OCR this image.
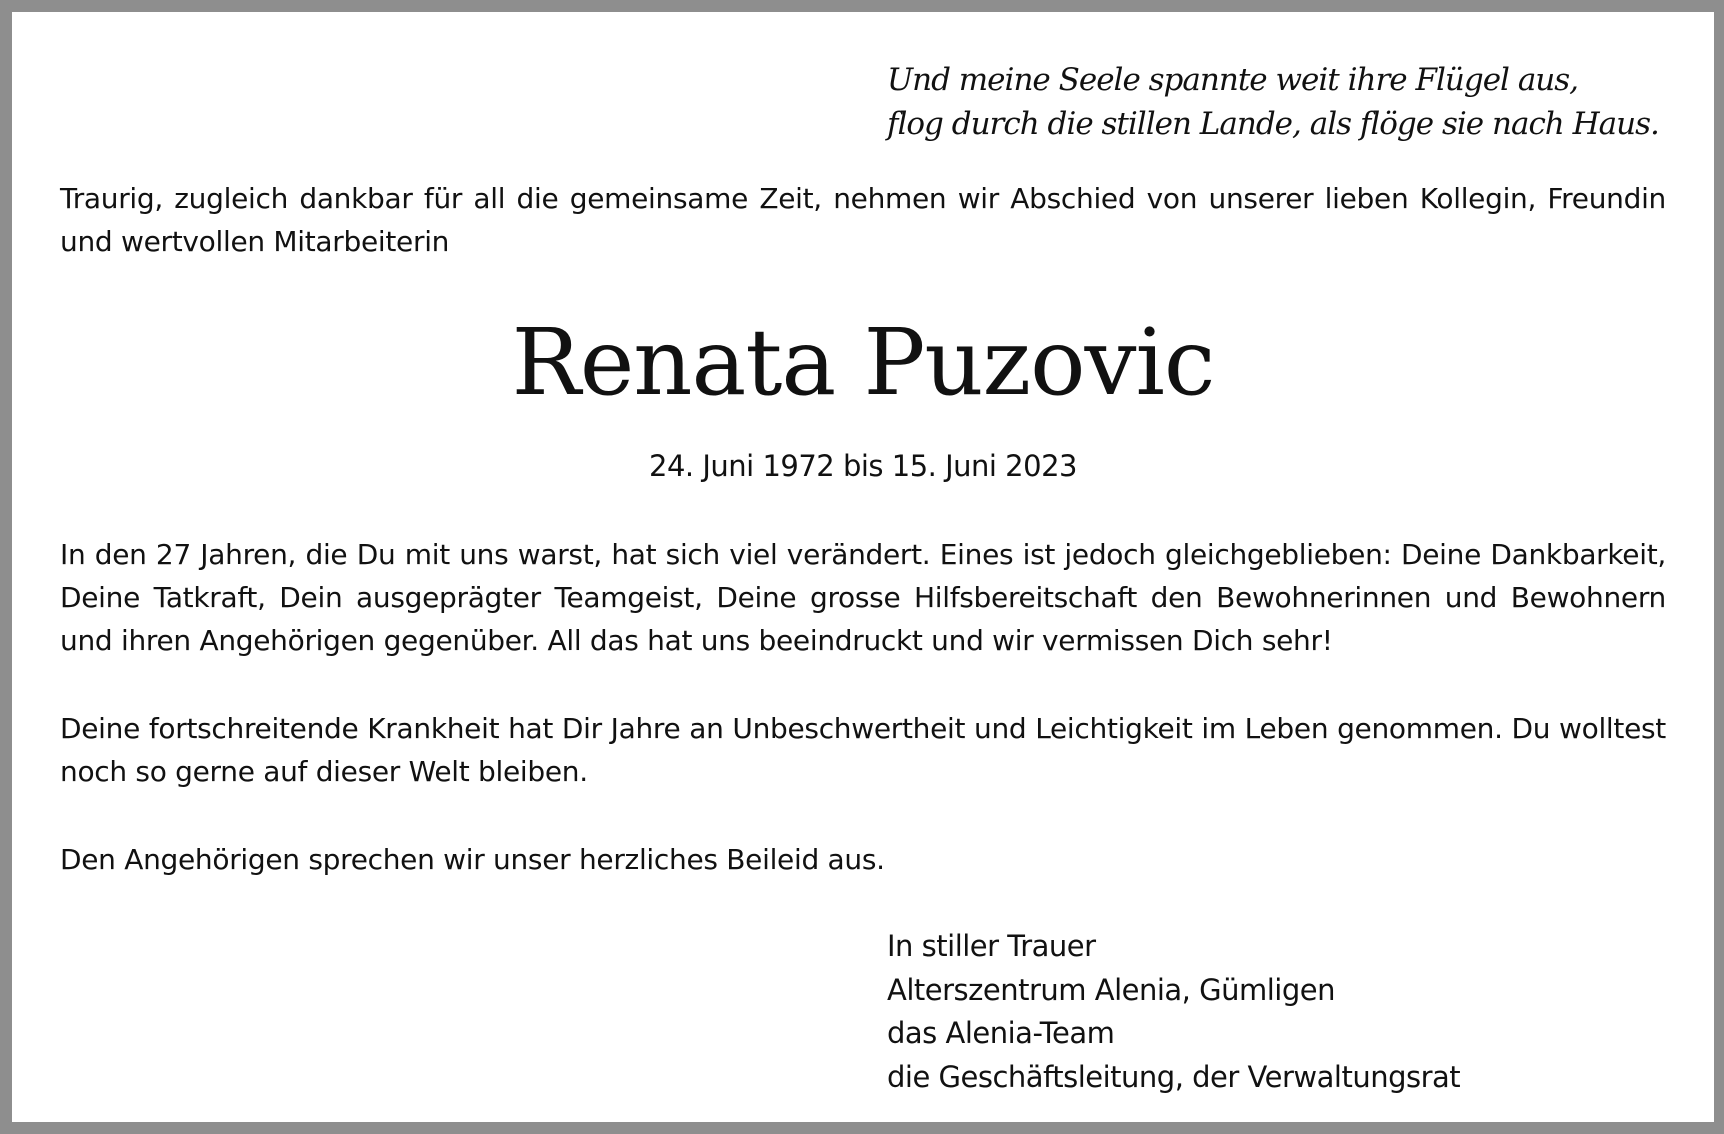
Und meine Seele spannte weit ihre Flügel aus,
flog durch die stillen Lande, als flöge sie nach Haus.

Traurig, zugleich dankbar für all die gemeinsame Zeit, nehmen wir Abschied von unserer lieben Kollegin, Freundin und wertvollen Mitarbeiterin

Renata Puzovic
24. Juni 1972 bis 15. Juni 2023

In den 27 Jahren, die Du mit uns warst, hat sich viel verändert. Eines ist jedoch gleichgeblieben: Deine Dankbarkeit, Deine Tatkraft, Dein ausgeprägter Teamgeist, Deine grosse Hilfsbereitschaft den Bewohnerinnen und Bewohnern und ihren Angehörigen gegenüber. All das hat uns beeindruckt und wir vermissen Dich sehr!

Deine fortschreitende Krankheit hat Dir Jahre an Unbeschwertheit und Leichtigkeit im Leben genommen. Du wolltest noch so gerne auf dieser Welt bleiben.

Den Angehörigen sprechen wir unser herzliches Beileid aus.

In stiller Trauer
Alterszentrum Alenia, Gümligen
das Alenia-Team
die Geschäftsleitung, der Verwaltungsrat
